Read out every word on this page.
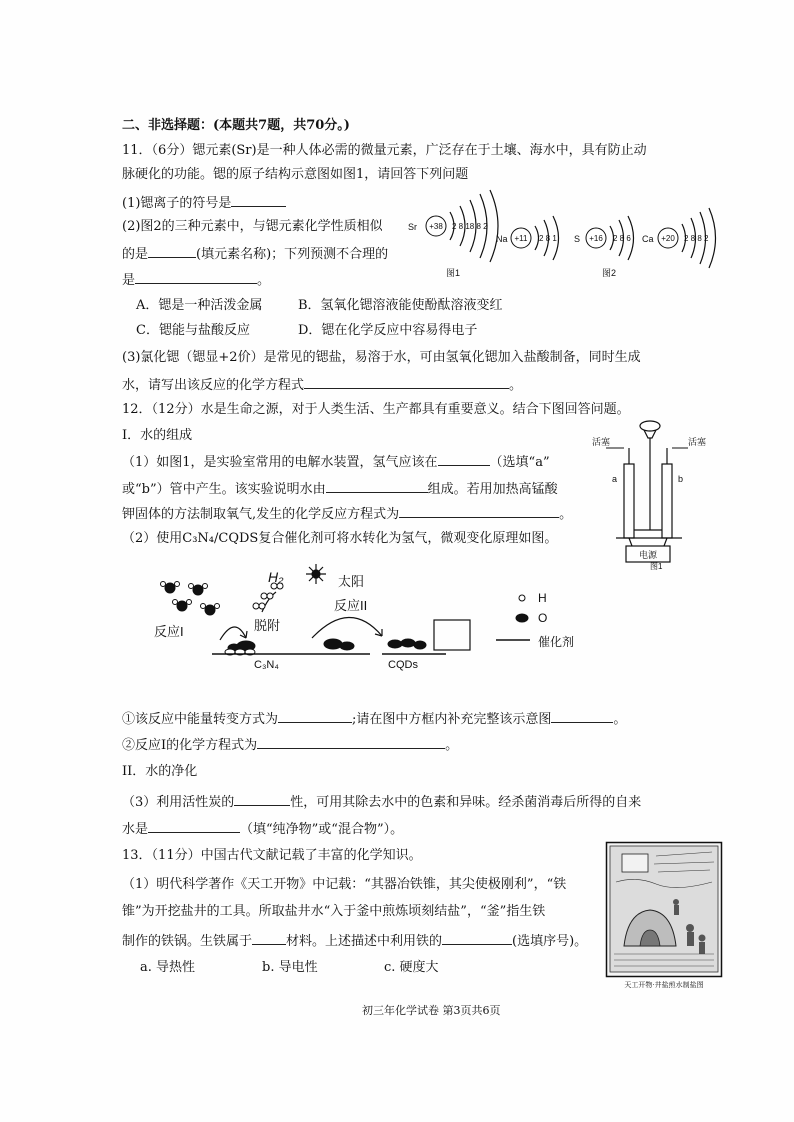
二、非选择题：(本题共7题，共70分。)
11．（6分）锶元素(Sr)是一种人体必需的微量元素，广泛存在于土壤、海水中，具有防止动
脉硬化的功能。锶的原子结构示意图如图1，请回答下列问题
(1)锶离子的符号是
(2)图2的三种元素中，与锶元素化学性质相似
的是	(填元素名称)；下列预测不合理的
是	。
Sr +38 2 8 18 8 2
Na +11 2 8 1
图1
S +16 2 8 6 Ca +20 2 8 8 2
图2
A．锶是一种活泼金属	B．氢氧化锶溶液能使酚酞溶液变红
C．锶能与盐酸反应	D．锶在化学反应中容易得电子
(3)氯化锶（锶显+2价）是常见的锶盐，易溶于水，可由氢氧化锶加入盐酸制备，同时生成
水，请写出该反应的化学方程式	。
12．（12分）水是生命之源，对于人类生活、生产都具有重要意义。结合下图回答问题。
I．水的组成
（1）如图1，是实验室常用的电解水装置，氢气应该在	（选填“a”
或“b”）管中产生。该实验说明水由	组成。若用加热高锰酸
钾固体的方法制取氧气,发生的化学反应方程式为	。
（2）使用C₃N₄/CQDS复合催化剂可将水转化为氢气，微观变化原理如图。
活塞	活塞
a	b
电源
图1
H₂	太阳
反应I
反应II
脱附
C₃N₄	CQDs
H
O
催化剂
①该反应中能量转变方式为	;请在图中方框内补充完整该示意图	。
②反应I的化学方程式为	。
II．水的净化
（3）利用活性炭的	性，可用其除去水中的色素和异味。经杀菌消毒后所得的自来
水是	（填“纯净物”或“混合物”）。
13．（11分）中国古代文献记载了丰富的化学知识。
（1）明代科学著作《天工开物》中记载：“其器冶铁锥，其尖使极刚利”，“铁
锥”为开挖盐井的工具。所取盐井水“入于釜中煎炼顷刻结盐”，“釜”指生铁
制作的铁锅。生铁属于	材料。上述描述中利用铁的	(选填序号)。
a. 导热性	b. 导电性	c. 硬度大
天工开物·井盐煎水制盐图
初三年化学试卷 第3页共6页
